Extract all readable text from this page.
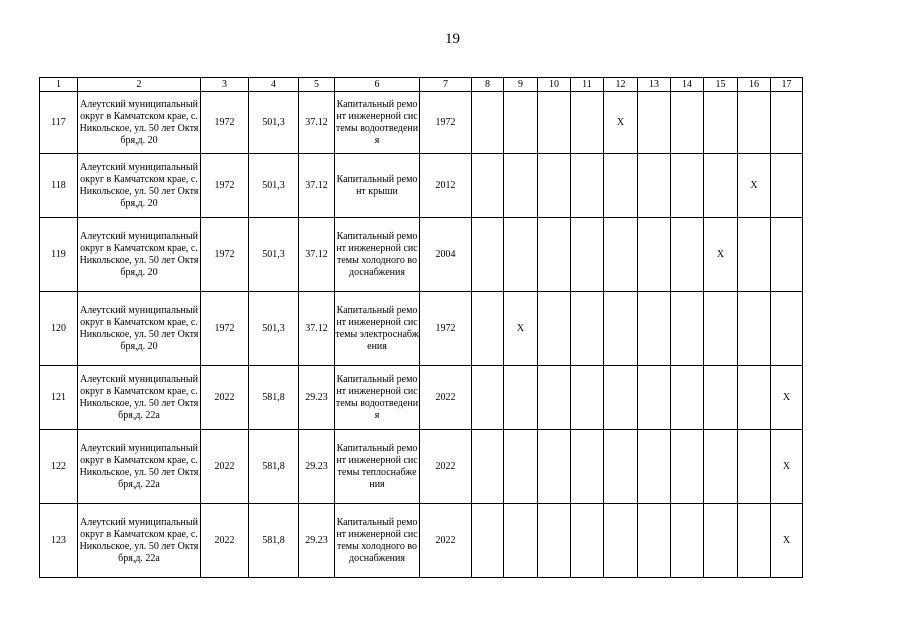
19
1	2	3	4	5	6	7	8	9	10	11	12	13	14	15	16	17
117	Алеутский муниципальный округ в Камчатском крае, с. Никольское, ул. 50 лет Октября,д. 20	1972	501,3	37.12	Капитальный ремонт инженерной системы водоотведения	1972					X					
118	Алеутский муниципальный округ в Камчатском крае, с. Никольское, ул. 50 лет Октября,д. 20	1972	501,3	37.12	Капитальный ремонт крыши	2012									X	
119	Алеутский муниципальный округ в Камчатском крае, с. Никольское, ул. 50 лет Октября,д. 20	1972	501,3	37.12	Капитальный ремонт инженерной системы холодного водоснабжения	2004								X		
120	Алеутский муниципальный округ в Камчатском крае, с. Никольское, ул. 50 лет Октября,д. 20	1972	501,3	37.12	Капитальный ремонт инженерной системы электроснабжения	1972		X								
121	Алеутский муниципальный округ в Камчатском крае, с. Никольское, ул. 50 лет Октября,д. 22а	2022	581,8	29.23	Капитальный ремонт инженерной системы водоотведения	2022										X
122	Алеутский муниципальный округ в Камчатском крае, с. Никольское, ул. 50 лет Октября,д. 22а	2022	581,8	29.23	Капитальный ремонт инженерной системы теплоснабжения	2022										X
123	Алеутский муниципальный округ в Камчатском крае, с. Никольское, ул. 50 лет Октября,д. 22а	2022	581,8	29.23	Капитальный ремонт инженерной системы холодного водоснабжения	2022										X
